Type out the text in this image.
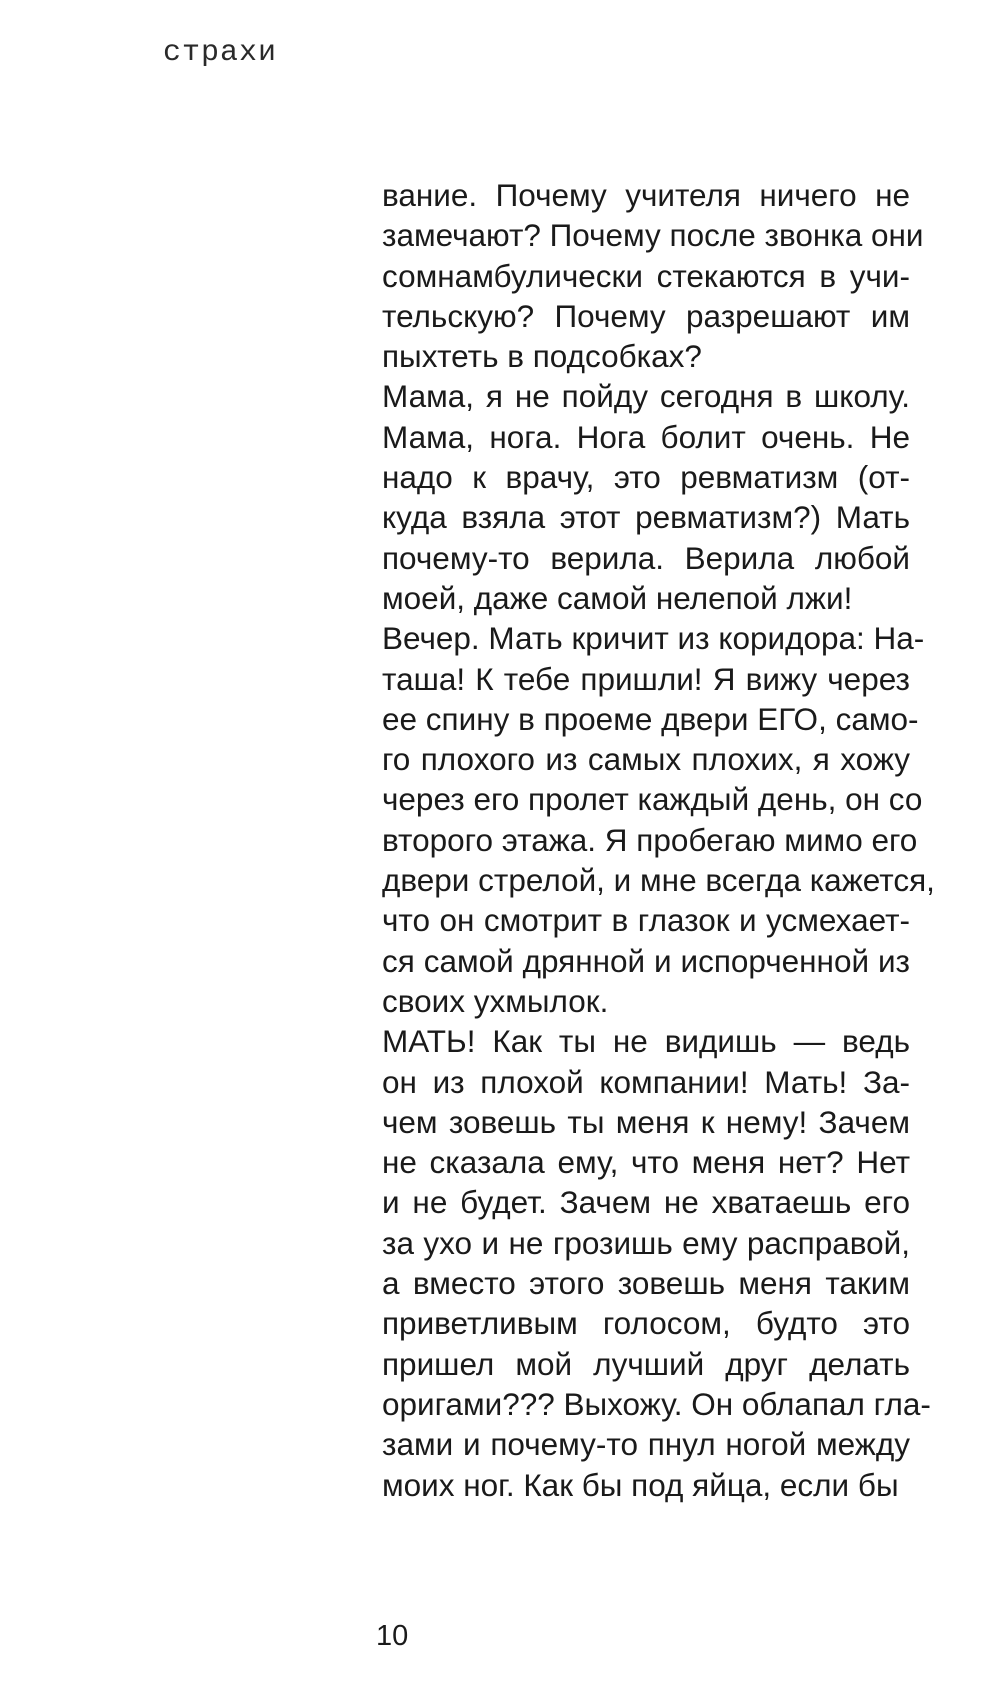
страхи
вание. Почему учителя ничего не
замечают? Почему после звонка они
сомнамбулически стекаются в учи-
тельскую? Почему разрешают им
пыхтеть в подсобках?
Мама, я не пойду сегодня в школу.
Мама, нога. Нога болит очень. Не
надо к врачу, это ревматизм (от-
куда взяла этот ревматизм?) Мать
почему-то верила. Верила любой
моей, даже самой нелепой лжи!
Вечер. Мать кричит из коридора: На-
таша! К тебе пришли! Я вижу через
ее спину в проеме двери ЕГО, само-
го плохого из самых плохих, я хожу
через его пролет каждый день, он со
второго этажа. Я пробегаю мимо его
двери стрелой, и мне всегда кажется,
что он смотрит в глазок и усмехает-
ся самой дрянной и испорченной из
своих ухмылок.
МАТЬ! Как ты не видишь — ведь
он из плохой компании! Мать! За-
чем зовешь ты меня к нему! Зачем
не сказала ему, что меня нет? Нет
и не будет. Зачем не хватаешь его
за ухо и не грозишь ему расправой,
а вместо этого зовешь меня таким
приветливым голосом, будто это
пришел мой лучший друг делать
оригами??? Выхожу. Он облапал гла-
зами и почему-то пнул ногой между
моих ног. Как бы под яйца, если бы
10
